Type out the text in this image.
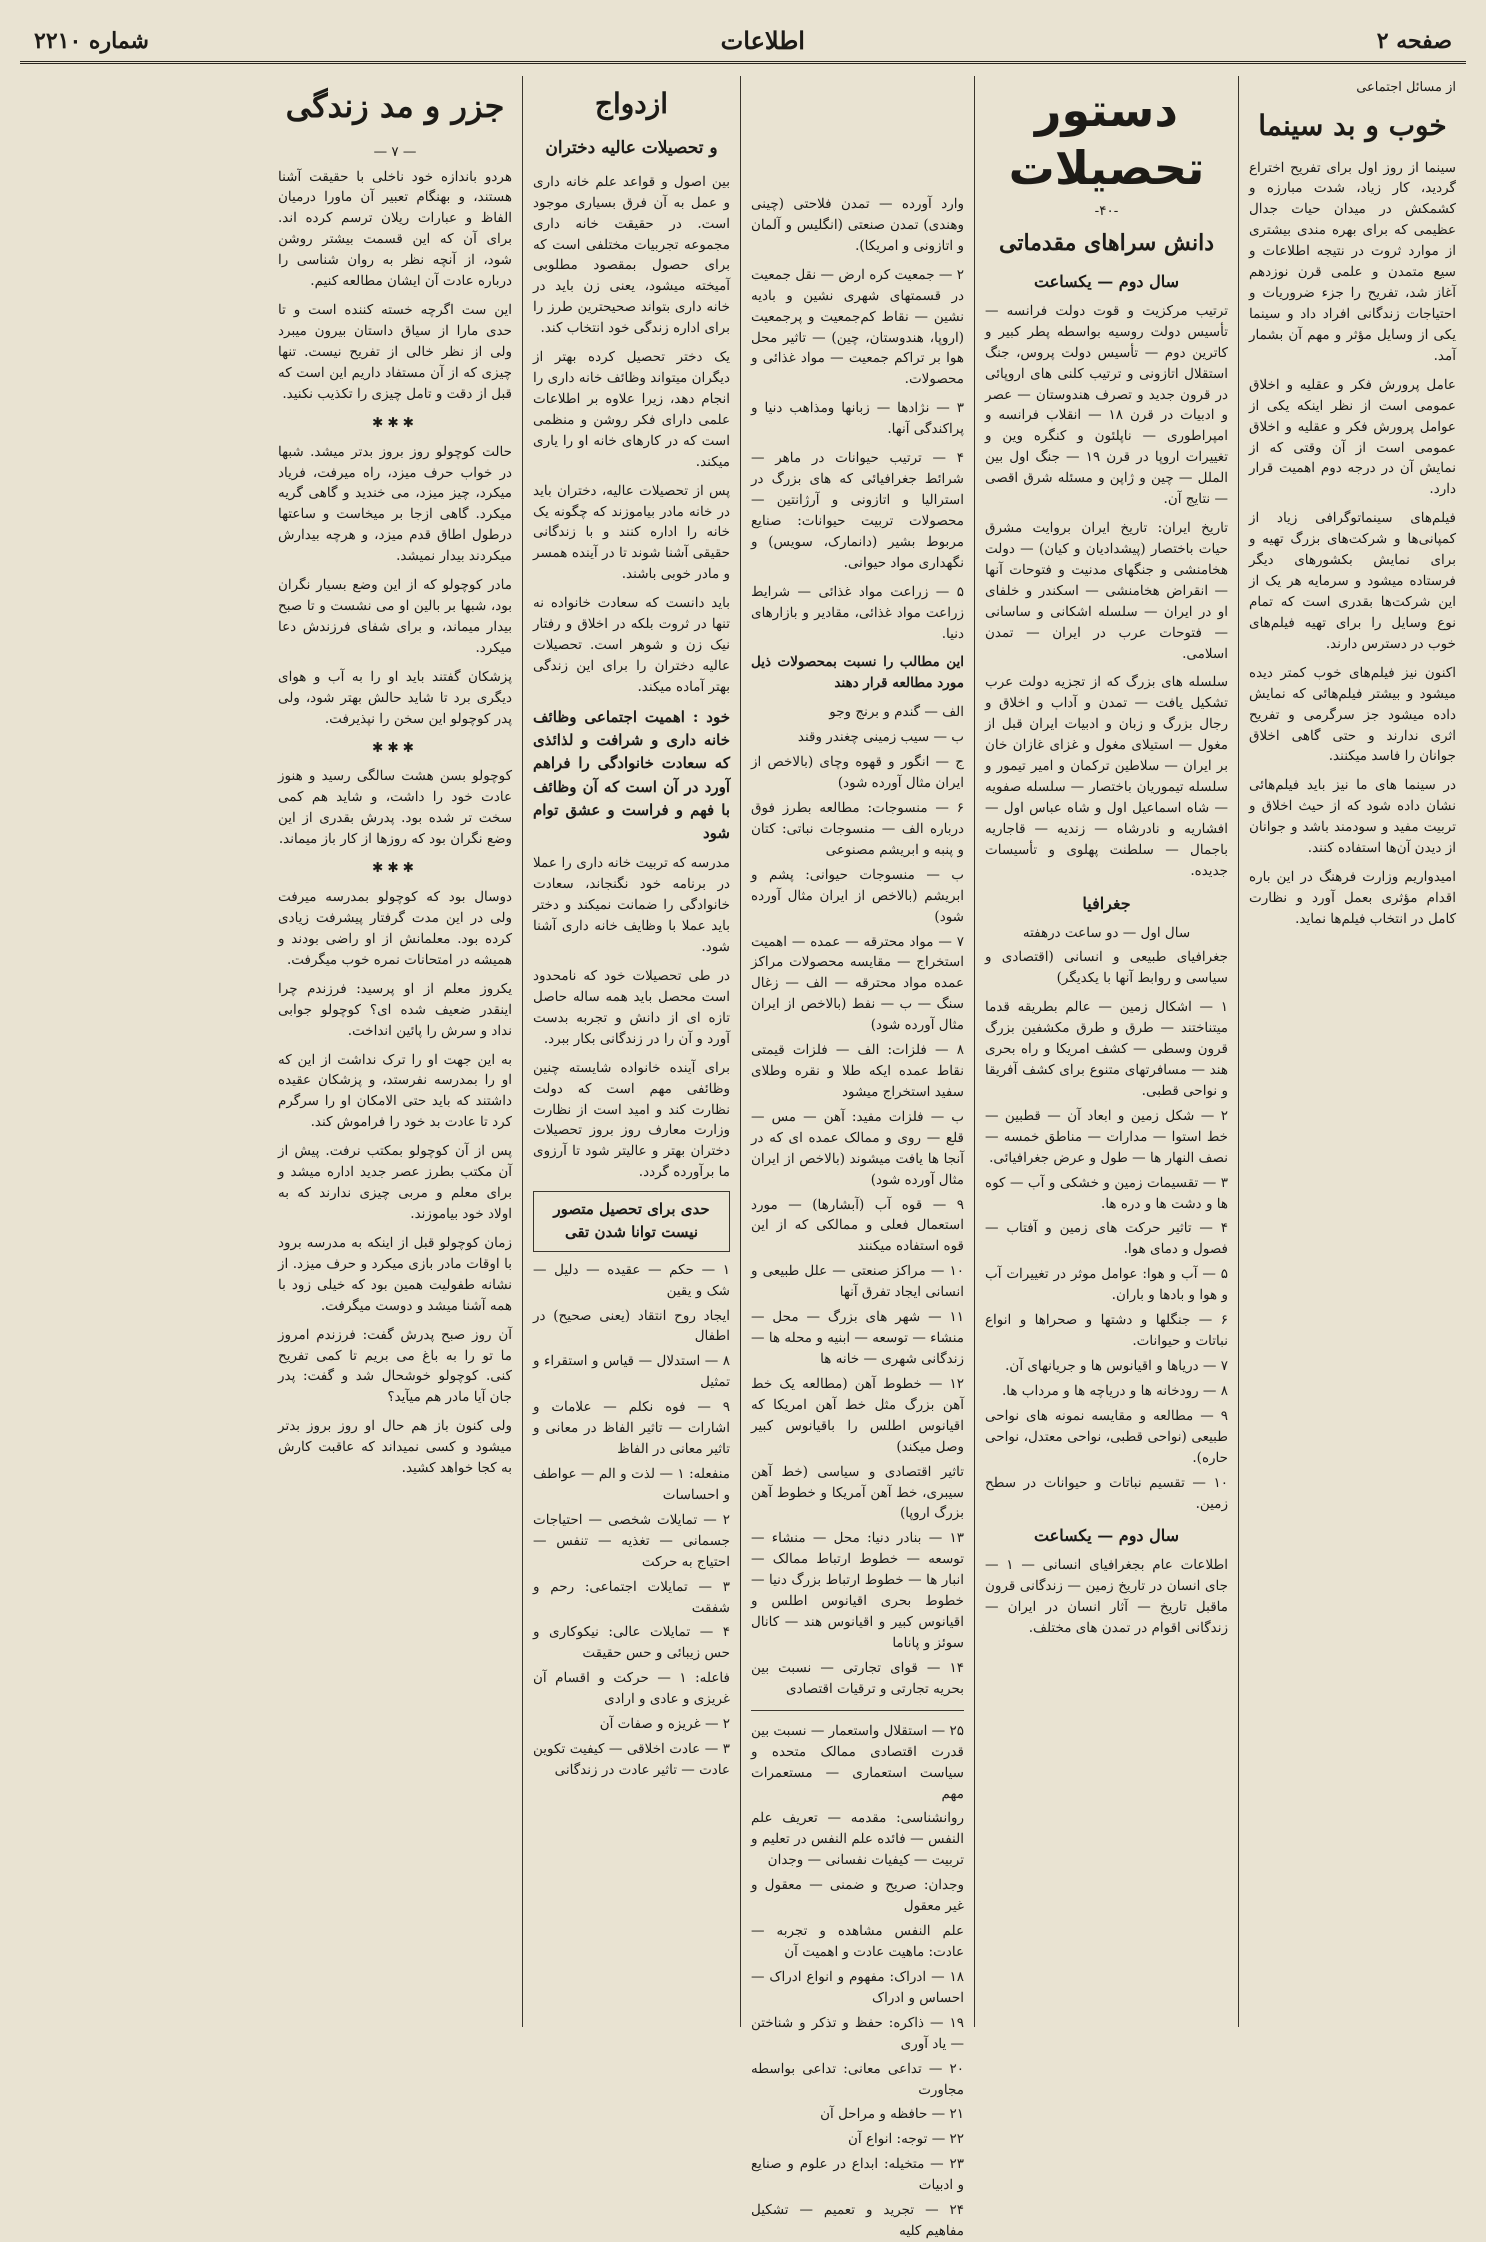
صفحه ۲
اطلاعات
شماره ۲۲۱۰
از مسائل اجتماعی
خوب و بد سینما

سینما از روز اول برای تفریح اختراع گردید، کار زیاد، شدت مبارزه و کشمکش در میدان حیات جدال عظیمی که برای بهره مندی بیشتری از موارد ثروت در نتیجه اطلاعات و سیع متمدن و علمی قرن نوزدهم آغاز شد، تفریح را جزء ضروریات و احتیاجات زندگانی افراد داد و سینما یکی از وسایل مؤثر و مهم آن بشمار آمد.

عامل پرورش فکر و عقلیه و اخلاق عمومی است از نظر اینکه یکی از عوامل پرورش فکر و عقلیه و اخلاق عمومی است از آن وقتی که از نمایش آن در درجه دوم اهمیت قرار دارد.

فیلم‌های سینماتوگرافی زیاد از کمپانی‌ها و شرکت‌های بزرگ تهیه و برای نمایش بکشورهای دیگر فرستاده میشود و سرمایه هر یک از این شرکت‌ها بقدری است که تمام نوع وسایل را برای تهیه فیلم‌های خوب در دسترس دارند.

اکنون نیز فیلم‌های خوب کمتر دیده میشود و بیشتر فیلم‌هائی که نمایش داده میشود جز سرگرمی و تفریح اثری ندارند و حتی گاهی اخلاق جوانان را فاسد میکنند.

در سینما های ما نیز باید فیلم‌هائی نشان داده شود که از حیث اخلاق و تربیت مفید و سودمند باشد و جوانان از دیدن آن‌ها استفاده کنند.

امیدواریم وزارت فرهنگ در این باره اقدام مؤثری بعمل آورد و نظارت کامل در انتخاب فیلم‌ها نماید.

دستور تحصیلات
-۴۰-
دانش سراهای مقدماتی
سال دوم — یکساعت

ترتیب مرکزیت و قوت دولت فرانسه — تأسیس دولت روسیه بواسطه پطر کبیر و کاترین دوم — تأسیس دولت پروس، جنگ استقلال اتازونی و ترتیب کلنی های اروپائی در قرون جدید و تصرف هندوستان — عصر و ادبیات در قرن ۱۸ — انقلاب فرانسه و امپراطوری — ناپلئون و کنگره وین و تغییرات اروپا در قرن ۱۹ — جنگ اول بین الملل — چین و ژاپن و مسئله شرق اقصی — نتایج آن.

تاریخ ایران: تاریخ ایران بروایت مشرق حیات باختصار (پیشدادیان و کیان) — دولت هخامنشی و جنگهای مدنیت و فتوحات آنها — انقراض هخامنشی — اسکندر و خلفای او در ایران — سلسله اشکانی و ساسانی — فتوحات عرب در ایران — تمدن اسلامی.

سلسله های بزرگ که از تجزیه دولت عرب تشکیل یافت — تمدن و آداب و اخلاق و رجال بزرگ و زبان و ادبیات ایران قبل از مغول — استیلای مغول و غزای غازان خان بر ایران — سلاطین ترکمان و امیر تیمور و سلسله تیموریان باختصار — سلسله صفویه — شاه اسماعیل اول و شاه عباس اول — افشاریه و نادرشاه — زندیه — قاجاریه باجمال — سلطنت پهلوی و تأسیسات جدیده.

جغرافیا
سال اول — دو ساعت درهفته

جغرافیای طبیعی و انسانی (اقتصادی و سیاسی و روابط آنها با یکدیگر)

۱ — اشکال زمین — عالم بطریقه قدما میتناختند — طرق و طرق مکشفین بزرگ قرون وسطی — کشف امریکا و راه بحری هند — مسافرتهای متنوع برای کشف آفریقا و نواحی قطبی.
۲ — شکل زمین و ابعاد آن — قطبین — خط استوا — مدارات — مناطق خمسه — نصف النهار ها — طول و عرض جغرافیائی.
۳ — تقسیمات زمین و خشکی و آب — کوه ها و دشت ها و دره ها.
۴ — تاثیر حرکت های زمین و آفتاب — فصول و دمای هوا.
۵ — آب و هوا: عوامل موثر در تغییرات آب و هوا و بادها و باران.
۶ — جنگلها و دشتها و صحراها و انواع نباتات و حیوانات.
۷ — دریاها و اقیانوس ها و جریانهای آن.
۸ — رودخانه ها و دریاچه ها و مرداب ها.
۹ — مطالعه و مقایسه نمونه های نواحی طبیعی (نواحی قطبی، نواحی معتدل، نواحی حاره).
۱۰ — تقسیم نباتات و حیوانات در سطح زمین.
سال دوم — یکساعت

اطلاعات عام بجغرافیای انسانی — ۱ — جای انسان در تاریخ زمین — زندگانی قرون ماقبل تاریخ — آثار انسان در ایران — زندگانی اقوام در تمدن های مختلف.

وارد آورده — تمدن فلاحتی (چینی وهندی) تمدن صنعتی (انگلیس و آلمان و اتازونی و امریکا).

۲ — جمعیت کره ارض — نقل جمعیت در قسمتهای شهری نشین و بادیه نشین — نقاط کم‌جمعیت و پرجمعیت (اروپا، هندوستان، چین) — تاثیر محل هوا بر تراکم جمعیت — مواد غذائی و محصولات.

۳ — نژادها — زبانها ومذاهب دنیا و پراکندگی آنها.

۴ — ترتیب حیوانات در ماهر — شرائط جغرافیائی که های بزرگ در استرالیا و اتازونی و آرژانتین — محصولات تربیت حیوانات: صنایع مربوط بشیر (دانمارک، سویس) و نگهداری مواد حیوانی.

۵ — زراعت مواد غذائی — شرایط زراعت مواد غذائی، مقادیر و بازارهای دنیا.

این مطالب را نسبت بمحصولات ذیل مورد مطالعه قرار دهند

الف — گندم و برنج وجو
ب — سیب زمینی چغندر وقند
ج — انگور و قهوه وچای (بالاخص از ایران مثال آورده شود)
۶ — منسوجات: مطالعه بطرز فوق درباره الف — منسوجات نباتی: کتان و پنبه و ابریشم مصنوعی
ب — منسوجات حیوانی: پشم و ابریشم (بالاخص از ایران مثال آورده شود)
۷ — مواد محترقه — عمده — اهمیت استخراج — مقایسه محصولات مراکز عمده مواد محترقه — الف — زغال سنگ — ب — نفط (بالاخص از ایران مثال آورده شود)
۸ — فلزات: الف — فلزات قیمتی نقاط عمده ایکه طلا و نقره وطلای سفید استخراج میشود
ب — فلزات مفید: آهن — مس — قلع — روی و ممالک عمده ای که در آنجا ها یافت میشوند (بالاخص از ایران مثال آورده شود)
۹ — قوه آب (آبشارها) — مورد استعمال فعلی و ممالکی که از این قوه استفاده میکنند
۱۰ — مراکز صنعتی — علل طبیعی و انسانی ایجاد تفرق آنها
۱۱ — شهر های بزرگ — محل — منشاء — توسعه — ابنیه و محله ها — زندگانی شهری — خانه ها
۱۲ — خطوط آهن (مطالعه یک خط آهن بزرگ مثل خط آهن امریکا که اقیانوس اطلس را باقیانوس کبیر وصل میکند)
تاثیر اقتصادی و سیاسی (خط آهن سیبری، خط آهن آمریکا و خطوط آهن بزرگ اروپا)
۱۳ — بنادر دنیا: محل — منشاء — توسعه — خطوط ارتباط ممالک — انبار ها — خطوط ارتباط بزرگ دنیا — خطوط بحری اقیانوس اطلس و اقیانوس کبیر و اقیانوس هند — کانال سوئز و پاناما
۱۴ — قوای تجارتی — نسبت بین بحریه تجارتی و ترقیات اقتصادی
۲۵ — استقلال واستعمار — نسبت بین قدرت اقتصادی ممالک متحده و سیاست استعماری — مستعمرات مهم
روانشناسی: مقدمه — تعریف علم النفس — فائده علم النفس در تعلیم و تربیت — کیفیات نفسانی — وجدان
وجدان: صریح و ضمنی — معقول و غیر معقول
علم النفس مشاهده و تجربه — عادت: ماهیت عادت و اهمیت آن
۱۸ — ادراک: مفهوم و انواع ادراک — احساس و ادراک
۱۹ — ذاکره: حفظ و تذکر و شناختن — یاد آوری
۲۰ — تداعی معانی: تداعی بواسطه مجاورت
۲۱ — حافظه و مراحل آن
۲۲ — توجه: انواع آن
۲۳ — متخیله: ابداع در علوم و صنایع و ادبیات
۲۴ — تجرید و تعمیم — تشکیل مفاهیم کلیه
ازدواج
و تحصیلات عالیه دختران

بین اصول و قواعد علم خانه داری و عمل به آن فرق بسیاری موجود است. در حقیقت خانه داری مجموعه تجربیات مختلفی است که برای حصول بمقصود مطلوبی آمیخته میشود، یعنی زن باید در خانه داری بتواند صحیحترین طرز را برای اداره زندگی خود انتخاب کند.

یک دختر تحصیل کرده بهتر از دیگران میتواند وظائف خانه داری را انجام دهد، زیرا علاوه بر اطلاعات علمی دارای فکر روشن و منظمی است که در کارهای خانه او را یاری میکند.

پس از تحصیلات عالیه، دختران باید در خانه مادر بیاموزند که چگونه یک خانه را اداره کنند و با زندگانی حقیقی آشنا شوند تا در آینده همسر و مادر خوبی باشند.

باید دانست که سعادت خانواده نه تنها در ثروت بلکه در اخلاق و رفتار نیک زن و شوهر است. تحصیلات عالیه دختران را برای این زندگی بهتر آماده میکند.

خود : اهمیت اجتماعی وظائف خانه داری و شرافت و لذائذی که سعادت خانوادگی را فراهم آورد در آن است که آن وظائف با فهم و فراست و عشق توام شود

مدرسه که تربیت خانه داری را عملا در برنامه خود نگنجاند، سعادت خانوادگی را ضمانت نمیکند و دختر باید عملا با وظایف خانه داری آشنا شود.

در طی تحصیلات خود که نامحدود است محصل باید همه ساله حاصل تازه ای از دانش و تجربه بدست آورد و آن را در زندگانی بکار ببرد.

برای آینده خانواده شایسته چنین وظائفی مهم است که دولت نظارت کند و امید است از نظارت وزارت معارف روز بروز تحصیلات دختران بهتر و عالیتر شود تا آرزوی ما برآورده گردد.

حدی برای تحصیل متصور نیست توانا شدن تقی
۱ — حکم — عقیده — دلیل — شک و یقین
ایجاد روح انتقاد (یعنی صحیح) در اطفال
۸ — استدلال — قیاس و استقراء و تمثیل
۹ — فوه نکلم — علامات و اشارات — تاثیر الفاظ در معانی و تاثیر معانی در الفاظ
منفعله: ۱ — لذت و الم — عواطف و احساسات
۲ — تمایلات شخصی — احتیاجات جسمانی — تغذیه — تنفس — احتیاج به حرکت
۳ — تمایلات اجتماعی: رحم و شفقت
۴ — تمایلات عالی: نیکوکاری و حس زیبائی و حس حقیقت
فاعله: ۱ — حرکت و اقسام آن غریزی و عادی و ارادی
۲ — غریزه و صفات آن
۳ — عادت اخلاقی — کیفیت تکوین عادت — تاثیر عادت در زندگانی
جزر و مد زندگی
— ۷ —

هردو باندازه خود ناخلی با حقیقت آشنا هستند، و بهنگام تعبیر آن ماورا درمیان الفاظ و عبارات ریلان ترسم کرده اند. برای آن که این قسمت بیشتر روشن شود، از آنچه نظر به روان شناسی را درباره عادت آن ایشان مطالعه کنیم.

این ست اگرچه خسته کننده است و تا حدی مارا از سیاق داستان بیرون میبرد ولی از نظر خالی از تفریح نیست. تنها چیزی که از آن مستفاد داریم این است که قبل از دقت و تامل چیزی را تکذیب نکنید.

✱✱✱

حالت کوچولو روز بروز بدتر میشد. شبها در خواب حرف میزد، راه میرفت، فریاد میکرد، چیز میزد، می خندید و گاهی گریه میکرد. گاهی ازجا بر میخاست و ساعتها درطول اطاق قدم میزد، و هرچه بیدارش میکردند بیدار نمیشد.

مادر کوچولو که از این وضع بسیار نگران بود، شبها بر بالین او می نشست و تا صبح بیدار میماند، و برای شفای فرزندش دعا میکرد.

پزشکان گفتند باید او را به آب و هوای دیگری برد تا شاید حالش بهتر شود، ولی پدر کوچولو این سخن را نپذیرفت.

✱✱✱

کوچولو بسن هشت سالگی رسید و هنوز عادت خود را داشت، و شاید هم کمی سخت تر شده بود. پدرش بقدری از این وضع نگران بود که روزها از کار باز میماند.

✱✱✱

دوسال بود که کوچولو بمدرسه میرفت ولی در این مدت گرفتار پیشرفت زیادی کرده بود. معلمانش از او راضی بودند و همیشه در امتحانات نمره خوب میگرفت.

یکروز معلم از او پرسید: فرزندم چرا اینقدر ضعیف شده ای؟ کوچولو جوابی نداد و سرش را پائین انداخت.

به این جهت او را ترک نداشت از این که او را بمدرسه نفرستد، و پزشکان عقیده داشتند که باید حتی الامکان او را سرگرم کرد تا عادت بد خود را فراموش کند.

پس از آن کوچولو بمکتب نرفت. پیش از آن مکتب بطرز عصر جدید اداره میشد و برای معلم و مربی چیزی ندارند که به اولاد خود بیاموزند.

زمان کوچولو قبل از اینکه به مدرسه برود با اوقات مادر بازی میکرد و حرف میزد. از نشانه طفولیت همین بود که خیلی زود با همه آشنا میشد و دوست میگرفت.

آن روز صبح پدرش گفت: فرزندم امروز ما تو را به باغ می بریم تا کمی تفریح کنی. کوچولو خوشحال شد و گفت: پدر جان آیا مادر هم میآید؟

ولی کنون باز هم حال او روز بروز بدتر میشود و کسی نمیداند که عاقبت کارش به کجا خواهد کشید.
